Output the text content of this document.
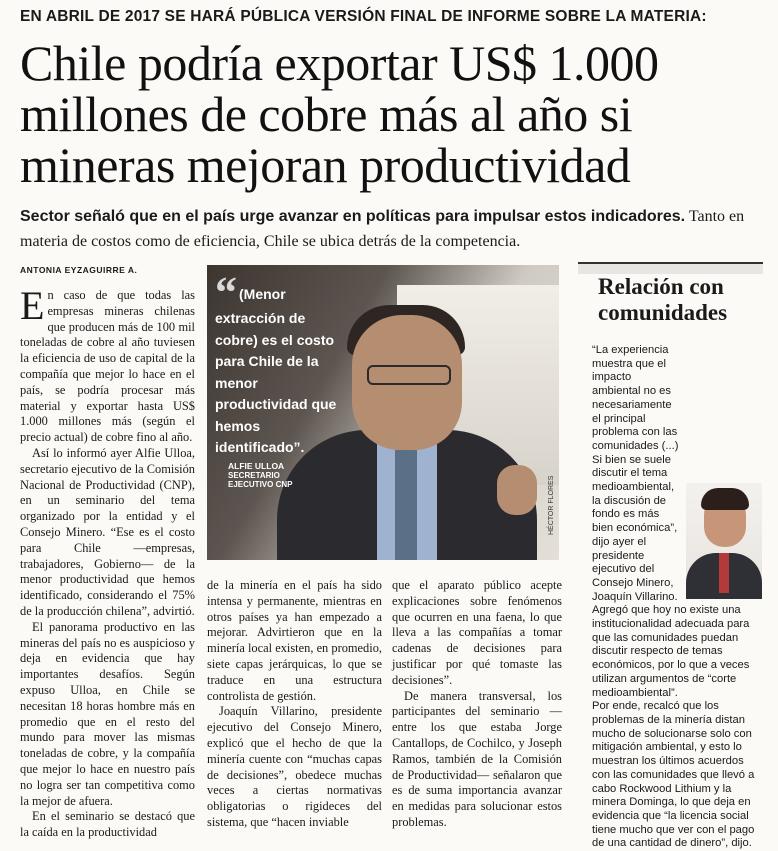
EN ABRIL DE 2017 SE HARÁ PÚBLICA VERSIÓN FINAL DE INFORME SOBRE LA MATERIA:
Chile podría exportar US$ 1.000
millones de cobre más al año si
mineras mejoran productividad
Sector señaló que en el país urge avanzar en políticas para impulsar estos indicadores. Tanto en materia de costos como de eficiencia, Chile se ubica detrás de la competencia.
ANTONIA EYZAGUIRRE A.

En caso de que todas las empresas mineras chilenas que producen más de 100 mil toneladas de cobre al año tuviesen la eficiencia de uso de capital de la compañía que mejor lo hace en el país, se podría procesar más material y exportar hasta US$ 1.000 millones más (según el precio actual) de cobre fino al año.

Así lo informó ayer Alfie Ulloa, secretario ejecutivo de la Comisión Nacional de Productividad (CNP), en un seminario del tema organizado por la entidad y el Consejo Minero. “Ese es el costo para Chile —empresas, trabajadores, Gobierno— de la menor productividad que hemos identificado, considerando el 75% de la producción chilena”, advirtió.

El panorama productivo en las mineras del país no es auspicioso y deja en evidencia que hay importantes desafíos. Según expuso Ulloa, en Chile se necesitan 18 horas hombre más en promedio que en el resto del mundo para mover las mismas toneladas de cobre, y la compañía que mejor lo hace en nuestro país no logra ser tan competitiva como la mejor de afuera.

En el seminario se destacó que la caída en la productividad

“ (Menor extracción de cobre) es el costo para Chile de la menor productividad que hemos identificado”.
ALFIE ULLOA
SECRETARIO
EJECUTIVO CNP	HÉCTOR FLORES

de la minería en el país ha sido intensa y permanente, mientras en otros países ya han empezado a mejorar. Advirtieron que en la minería local existen, en promedio, siete capas jerárquicas, lo que se traduce en una estructura controlista de gestión.

Joaquín Villarino, presidente ejecutivo del Consejo Minero, explicó que el hecho de que la minería cuente con “muchas capas de decisiones”, obedece muchas veces a ciertas normativas obligatorias o rigideces del sistema, que “hacen inviable

que el aparato público acepte explicaciones sobre fenómenos que ocurren en una faena, lo que lleva a las compañías a tomar cadenas de decisiones para justificar por qué tomaste las decisiones”.

De manera transversal, los participantes del seminario —entre los que estaba Jorge Cantallops, de Cochilco, y Joseph Ramos, también de la Comisión de Productividad— señalaron que es de suma importancia avanzar en medidas para solucionar estos problemas.

Relación con
comunidades

“La experiencia muestra que el impacto ambiental no es necesariamente el principal problema con las comunidades (...) Si bien se suele discutir el tema medioambiental, la discusión de fondo es más bien económica”, dijo ayer el presidente ejecutivo del Consejo Minero, Joaquín Villarino. Agregó que hoy no existe una institucionalidad adecuada para que las comunidades puedan discutir respecto de temas económicos, por lo que a veces utilizan argumentos de “corte medioambiental”.

Por ende, recalcó que los problemas de la minería distan mucho de solucionarse solo con mitigación ambiental, y esto lo muestran los últimos acuerdos con las comunidades que llevó a cabo Rockwood Lithium y la minera Dominga, lo que deja en evidencia que “la licencia social tiene mucho que ver con el pago de una cantidad de dinero”, dijo.
